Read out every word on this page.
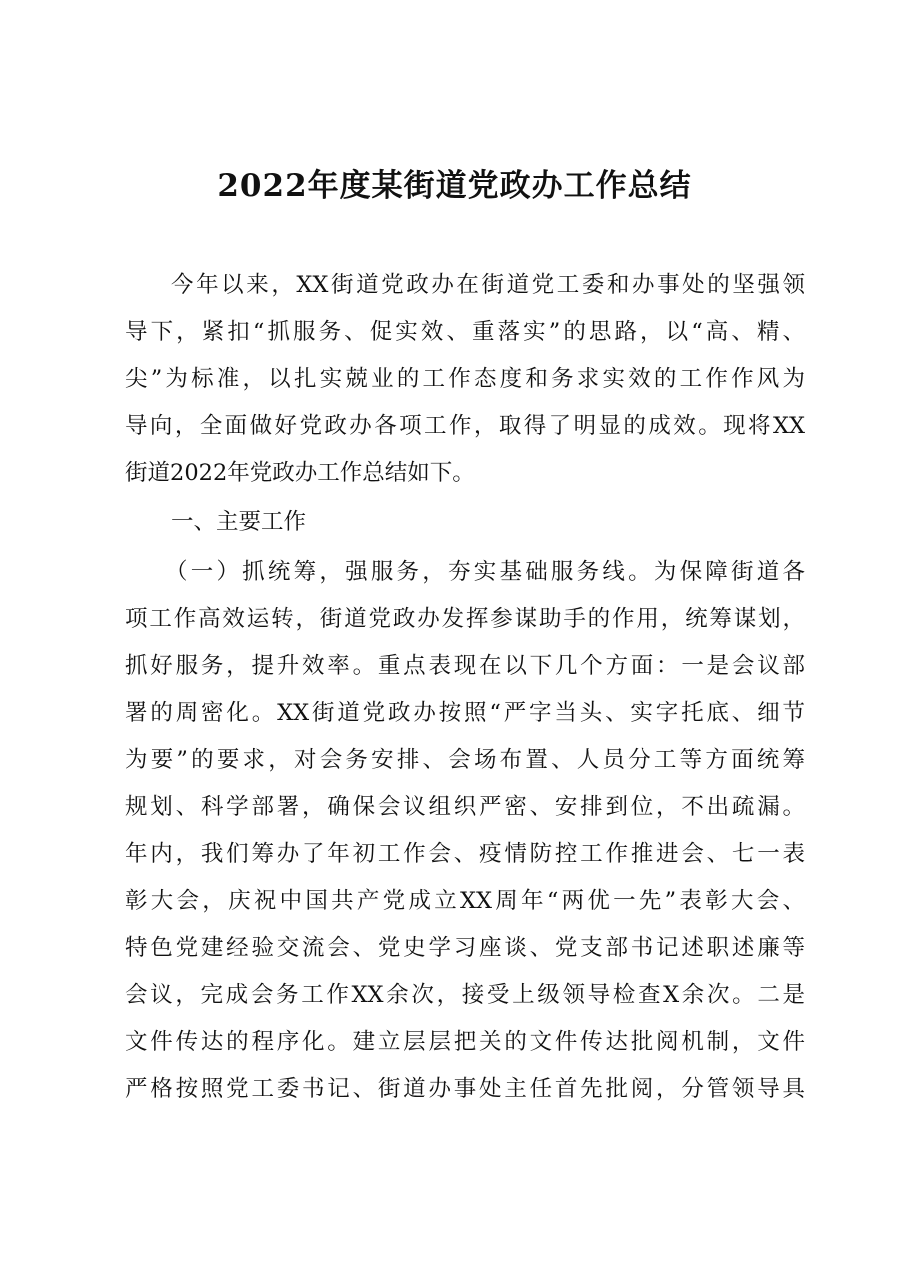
2022年度某街道党政办工作总结

今年以来，XX街道党政办在街道党工委和办事处的坚强领

导下，紧扣“抓服务、促实效、重落实”的思路，以“高、精、

尖”为标准，以扎实兢业的工作态度和务求实效的工作作风为

导向，全面做好党政办各项工作，取得了明显的成效。现将XX

街道2022年党政办工作总结如下。

一、主要工作

（一）抓统筹，强服务，夯实基础服务线。为保障街道各

项工作高效运转，街道党政办发挥参谋助手的作用，统筹谋划，

抓好服务，提升效率。重点表现在以下几个方面：一是会议部

署的周密化。XX街道党政办按照“严字当头、实字托底、细节

为要”的要求，对会务安排、会场布置、人员分工等方面统筹

规划、科学部署，确保会议组织严密、安排到位，不出疏漏。

年内，我们筹办了年初工作会、疫情防控工作推进会、七一表

彰大会，庆祝中国共产党成立XX周年“两优一先”表彰大会、

特色党建经验交流会、党史学习座谈、党支部书记述职述廉等

会议，完成会务工作XX余次，接受上级领导检查X余次。二是

文件传达的程序化。建立层层把关的文件传达批阅机制，文件

严格按照党工委书记、街道办事处主任首先批阅，分管领导具
